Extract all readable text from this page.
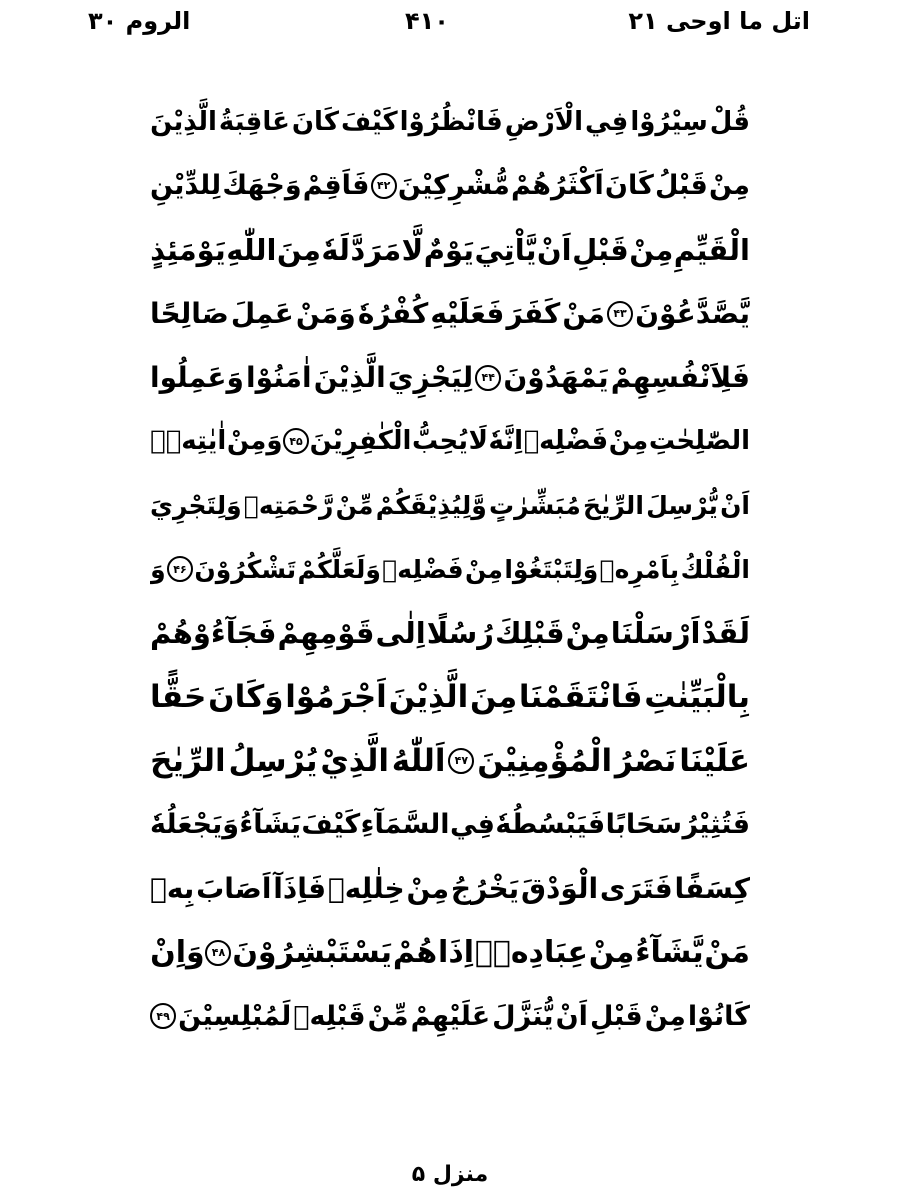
اتل ما اوحی ۲۱
۴۱۰
الروم ۳۰
قُلْ
سِيْرُوْا
فِي
الْاَرْضِ
فَانْظُرُوْا
كَيْفَ
كَانَ
عَاقِبَةُ
الَّذِيْنَ
مِنْ
قَبْلُ
كَانَ
اَكْثَرُهُمْ
مُّشْرِكِيْنَ
۴۲
فَاَقِمْ
وَجْهَكَ
لِلدِّيْنِ
الْقَيِّمِ
مِنْ
قَبْلِ
اَنْ
يَّاْتِيَ
يَوْمٌ
لَّا
مَرَدَّ
لَهٗ
مِنَ
اللّٰهِ
يَوْمَئِذٍ
يَّصَّدَّعُوْنَ
۴۳
مَنْ
كَفَرَ
فَعَلَيْهِ
كُفْرُهٗ
وَمَنْ
عَمِلَ
صَالِحًا
فَلِاَنْفُسِهِمْ
يَمْهَدُوْنَ
۴۴
لِيَجْزِيَ
الَّذِيْنَ
اٰمَنُوْا
وَعَمِلُوا
الصّٰلِحٰتِ
مِنْ
فَضْلِهٖ
اِنَّهٗ
لَا
يُحِبُّ
الْكٰفِرِيْنَ
۴۵
وَمِنْ
اٰيٰتِهٖۤ
اَنْ
يُّرْسِلَ
الرِّيٰحَ
مُبَشِّرٰتٍ
وَّلِيُذِيْقَكُمْ
مِّنْ
رَّحْمَتِهٖ
وَلِتَجْرِيَ
الْفُلْكُ
بِاَمْرِهٖ
وَلِتَبْتَغُوْا
مِنْ
فَضْلِهٖ
وَلَعَلَّكُمْ
تَشْكُرُوْنَ
۴۶
وَ
لَقَدْ
اَرْسَلْنَا
مِنْ
قَبْلِكَ
رُسُلًا
اِلٰى
قَوْمِهِمْ
فَجَآءُوْهُمْ
بِالْبَيِّنٰتِ
فَانْتَقَمْنَا
مِنَ
الَّذِيْنَ
اَجْرَمُوْا
وَكَانَ
حَقًّا
عَلَيْنَا
نَصْرُ
الْمُؤْمِنِيْنَ
۴۷
اَللّٰهُ
الَّذِيْ
يُرْسِلُ
الرِّيٰحَ
فَتُثِيْرُ
سَحَابًا
فَيَبْسُطُهٗ
فِي
السَّمَآءِ
كَيْفَ
يَشَآءُ
وَيَجْعَلُهٗ
كِسَفًا
فَتَرَى
الْوَدْقَ
يَخْرُجُ
مِنْ
خِلٰلِهٖ
فَاِذَآ
اَصَابَ
بِهٖ
مَنْ
يَّشَآءُ
مِنْ
عِبَادِهٖۤ
اِذَا
هُمْ
يَسْتَبْشِرُوْنَ
۴۸
وَاِنْ
كَانُوْا
مِنْ
قَبْلِ
اَنْ
يُّنَزَّلَ
عَلَيْهِمْ
مِّنْ
قَبْلِهٖ
لَمُبْلِسِيْنَ
۴۹
منزل ۵
